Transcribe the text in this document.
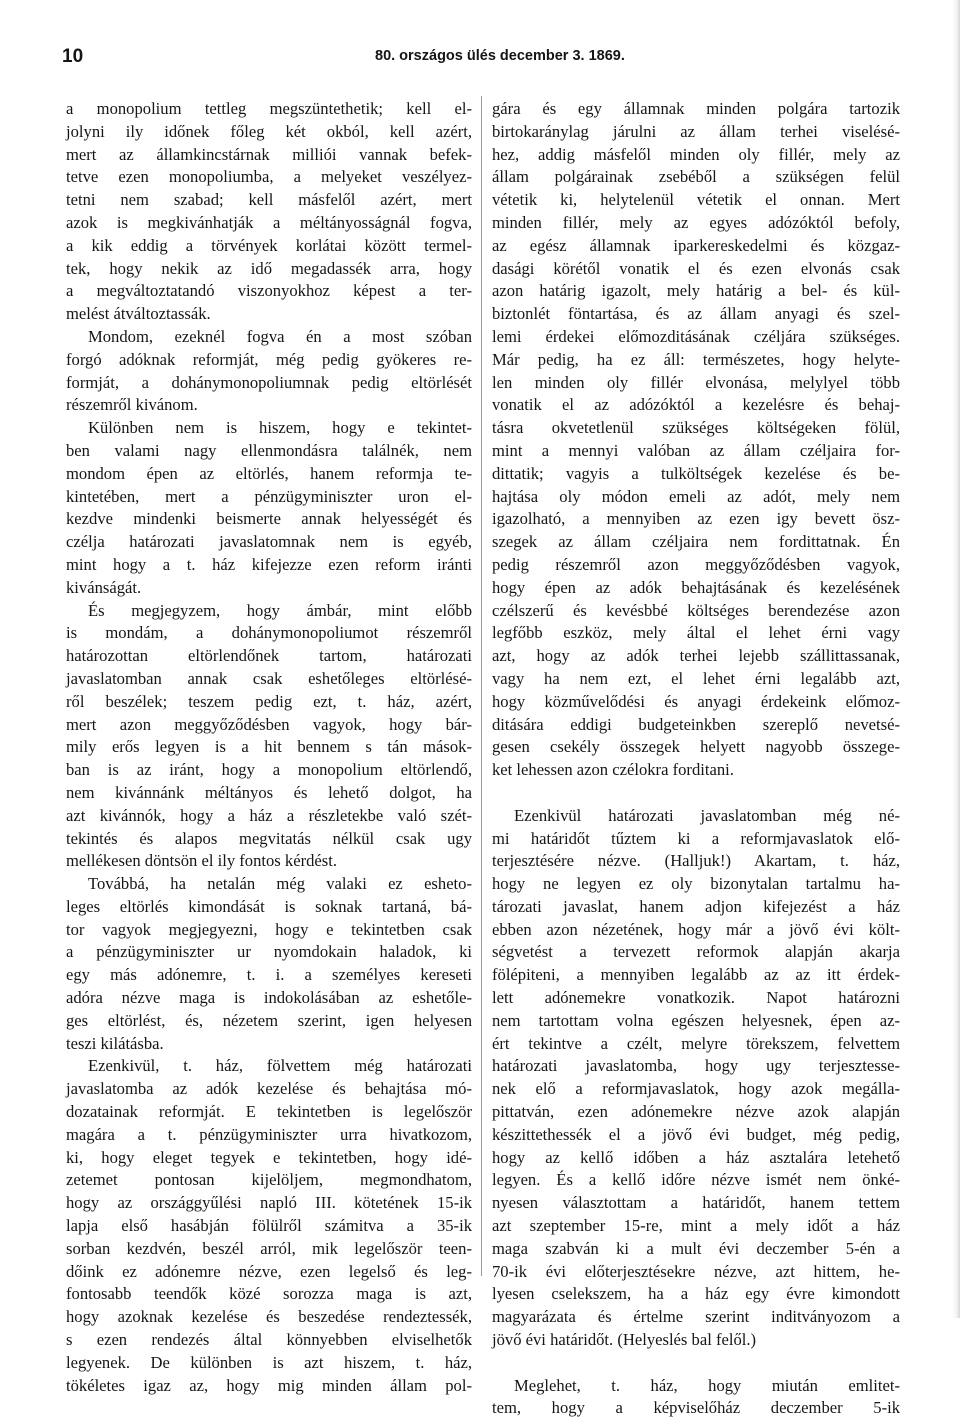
10	80. országos ülés december 3. 1869.
a monopolium tettleg megszüntethetik; kell el-
jolyni ily időnek főleg két okból, kell azért,
mert az államkincstárnak milliói vannak befek-
tetve ezen monopoliumba, a melyeket veszélyez-
tetni nem szabad; kell másfelől azért, mert
azok is megkivánhatják a méltányosságnál fogva,
a kik eddig a törvények korlátai között termel-
tek, hogy nekik az idő megadassék arra, hogy
a megváltoztatandó viszonyokhoz képest a ter-
melést átváltoztassák.
Mondom, ezeknél fogva én a most szóban
forgó adóknak reformját, még pedig gyökeres re-
formját, a dohánymonopoliumnak pedig eltörlését
részemről kivánom.
Különben nem is hiszem, hogy e tekintet-
ben valami nagy ellenmondásra találnék, nem
mondom épen az eltörlés, hanem reformja te-
kintetében, mert a pénzügyminiszter uron el-
kezdve mindenki beismerte annak helyességét és
czélja határozati javaslatomnak nem is egyéb,
mint hogy a t. ház kifejezze ezen reform iránti
kivánságát.
És megjegyzem, hogy ámbár, mint előbb
is mondám, a dohánymonopoliumot részemről
határozottan eltörlendőnek tartom, határozati
javaslatomban annak csak eshetőleges eltörlésé-
ről beszélek; teszem pedig ezt, t. ház, azért,
mert azon meggyőződésben vagyok, hogy bár-
mily erős legyen is a hit bennem s tán mások-
ban is az iránt, hogy a monopolium eltörlendő,
nem kivánnánk méltányos és lehető dolgot, ha
azt kivánnók, hogy a ház a részletekbe való szét-
tekintés és alapos megvitatás nélkül csak ugy
mellékesen döntsön el ily fontos kérdést.
Továbbá, ha netalán még valaki ez esheto-
leges eltörlés kimondását is soknak tartaná, bá-
tor vagyok megjegyezni, hogy e tekintetben csak
a pénzügyminiszter ur nyomdokain haladok, ki
egy más adónemre, t. i. a személyes kereseti
adóra nézve maga is indokolásában az eshetőle-
ges eltörlést, és, nézetem szerint, igen helyesen
teszi kilátásba.
Ezenkivül, t. ház, fölvettem még határozati
javaslatomba az adók kezelése és behajtása mó-
dozatainak reformját. E tekintetben is legelőször
magára a t. pénzügyminiszter urra hivatkozom,
ki, hogy eleget tegyek e tekintetben, hogy idé-
zetemet pontosan kijelöljem, megmondhatom,
hogy az országgyűlési napló III. kötetének 15-ik
lapja első hasábján fölülről számitva a 35-ik
sorban kezdvén, beszél arról, mik legelőször teen-
dőink ez adónemre nézve, ezen legelső és leg-
fontosabb teendők közé sorozza maga is azt,
hogy azoknak kezelése és beszedése rendeztessék,
s ezen rendezés által könnyebben elviselhetők
legyenek. De különben is azt hiszem, t. ház,
tökéletes igaz az, hogy mig minden állam pol-
gára és egy államnak minden polgára tartozik
birtokaránylag járulni az állam terhei viselésé-
hez, addig másfelől minden oly fillér, mely az
állam polgárainak zsebéből a szükségen felül
vétetik ki, helytelenül vétetik el onnan. Mert
minden fillér, mely az egyes adózóktól befoly,
az egész államnak iparkereskedelmi és közgaz-
dasági körétől vonatik el és ezen elvonás csak
azon határig igazolt, mely határig a bel- és kül-
biztonlét föntartása, és az állam anyagi és szel-
lemi érdekei előmozditásának czéljára szükséges.
Már pedig, ha ez áll: természetes, hogy helyte-
len minden oly fillér elvonása, melylyel több
vonatik el az adózóktól a kezelésre és behaj-
tásra okvetetlenül szükséges költségeken fölül,
mint a mennyi valóban az állam czéljaira for-
dittatik; vagyis a tulköltségek kezelése és be-
hajtása oly módon emeli az adót, mely nem
igazolható, a mennyiben az ezen igy bevett ösz-
szegek az állam czéljaira nem fordittatnak. Én
pedig részemről azon meggyőződésben vagyok,
hogy épen az adók behajtásának és kezelésének
czélszerű és kevésbbé költséges berendezése azon
legfőbb eszköz, mely által el lehet érni vagy
azt, hogy az adók terhei lejebb szállittassanak,
vagy ha nem ezt, el lehet érni legalább azt,
hogy közművelődési és anyagi érdekeink előmoz-
ditására eddigi budgeteinkben szereplő nevetsé-
gesen csekély összegek helyett nagyobb összege-
ket lehessen azon czélokra forditani.

Ezenkivül határozati javaslatomban még né-
mi határidőt tűztem ki a reformjavaslatok elő-
terjesztésére nézve. (Halljuk!) Akartam, t. ház,
hogy ne legyen ez oly bizonytalan tartalmu ha-
tározati javaslat, hanem adjon kifejezést a ház
ebben azon nézetének, hogy már a jövő évi költ-
ségvetést a tervezett reformok alapján akarja
fölépiteni, a mennyiben legalább az az itt érdek-
lett adónemekre vonatkozik. Napot határozni
nem tartottam volna egészen helyesnek, épen az-
ért tekintve a czélt, melyre törekszem, felvettem
határozati javaslatomba, hogy ugy terjesztesse-
nek elő a reformjavaslatok, hogy azok megálla-
pittatván, ezen adónemekre nézve azok alapján
készittethessék el a jövő évi budget, még pedig,
hogy az kellő időben a ház asztalára letehető
legyen. És a kellő időre nézve ismét nem önké-
nyesen választottam a határidőt, hanem tettem
azt szeptember 15-re, mint a mely időt a ház
maga szabván ki a mult évi deczember 5-én a
70-ik évi előterjesztésekre nézve, azt hittem, he-
lyesen cselekszem, ha a ház egy évre kimondott
magyarázata és értelme szerint inditványozom a
jövő évi határidőt. (Helyeslés bal felől.)

Meglehet, t. ház, hogy miután emlitet-
tem, hogy a képviselőház deczember 5-ik
